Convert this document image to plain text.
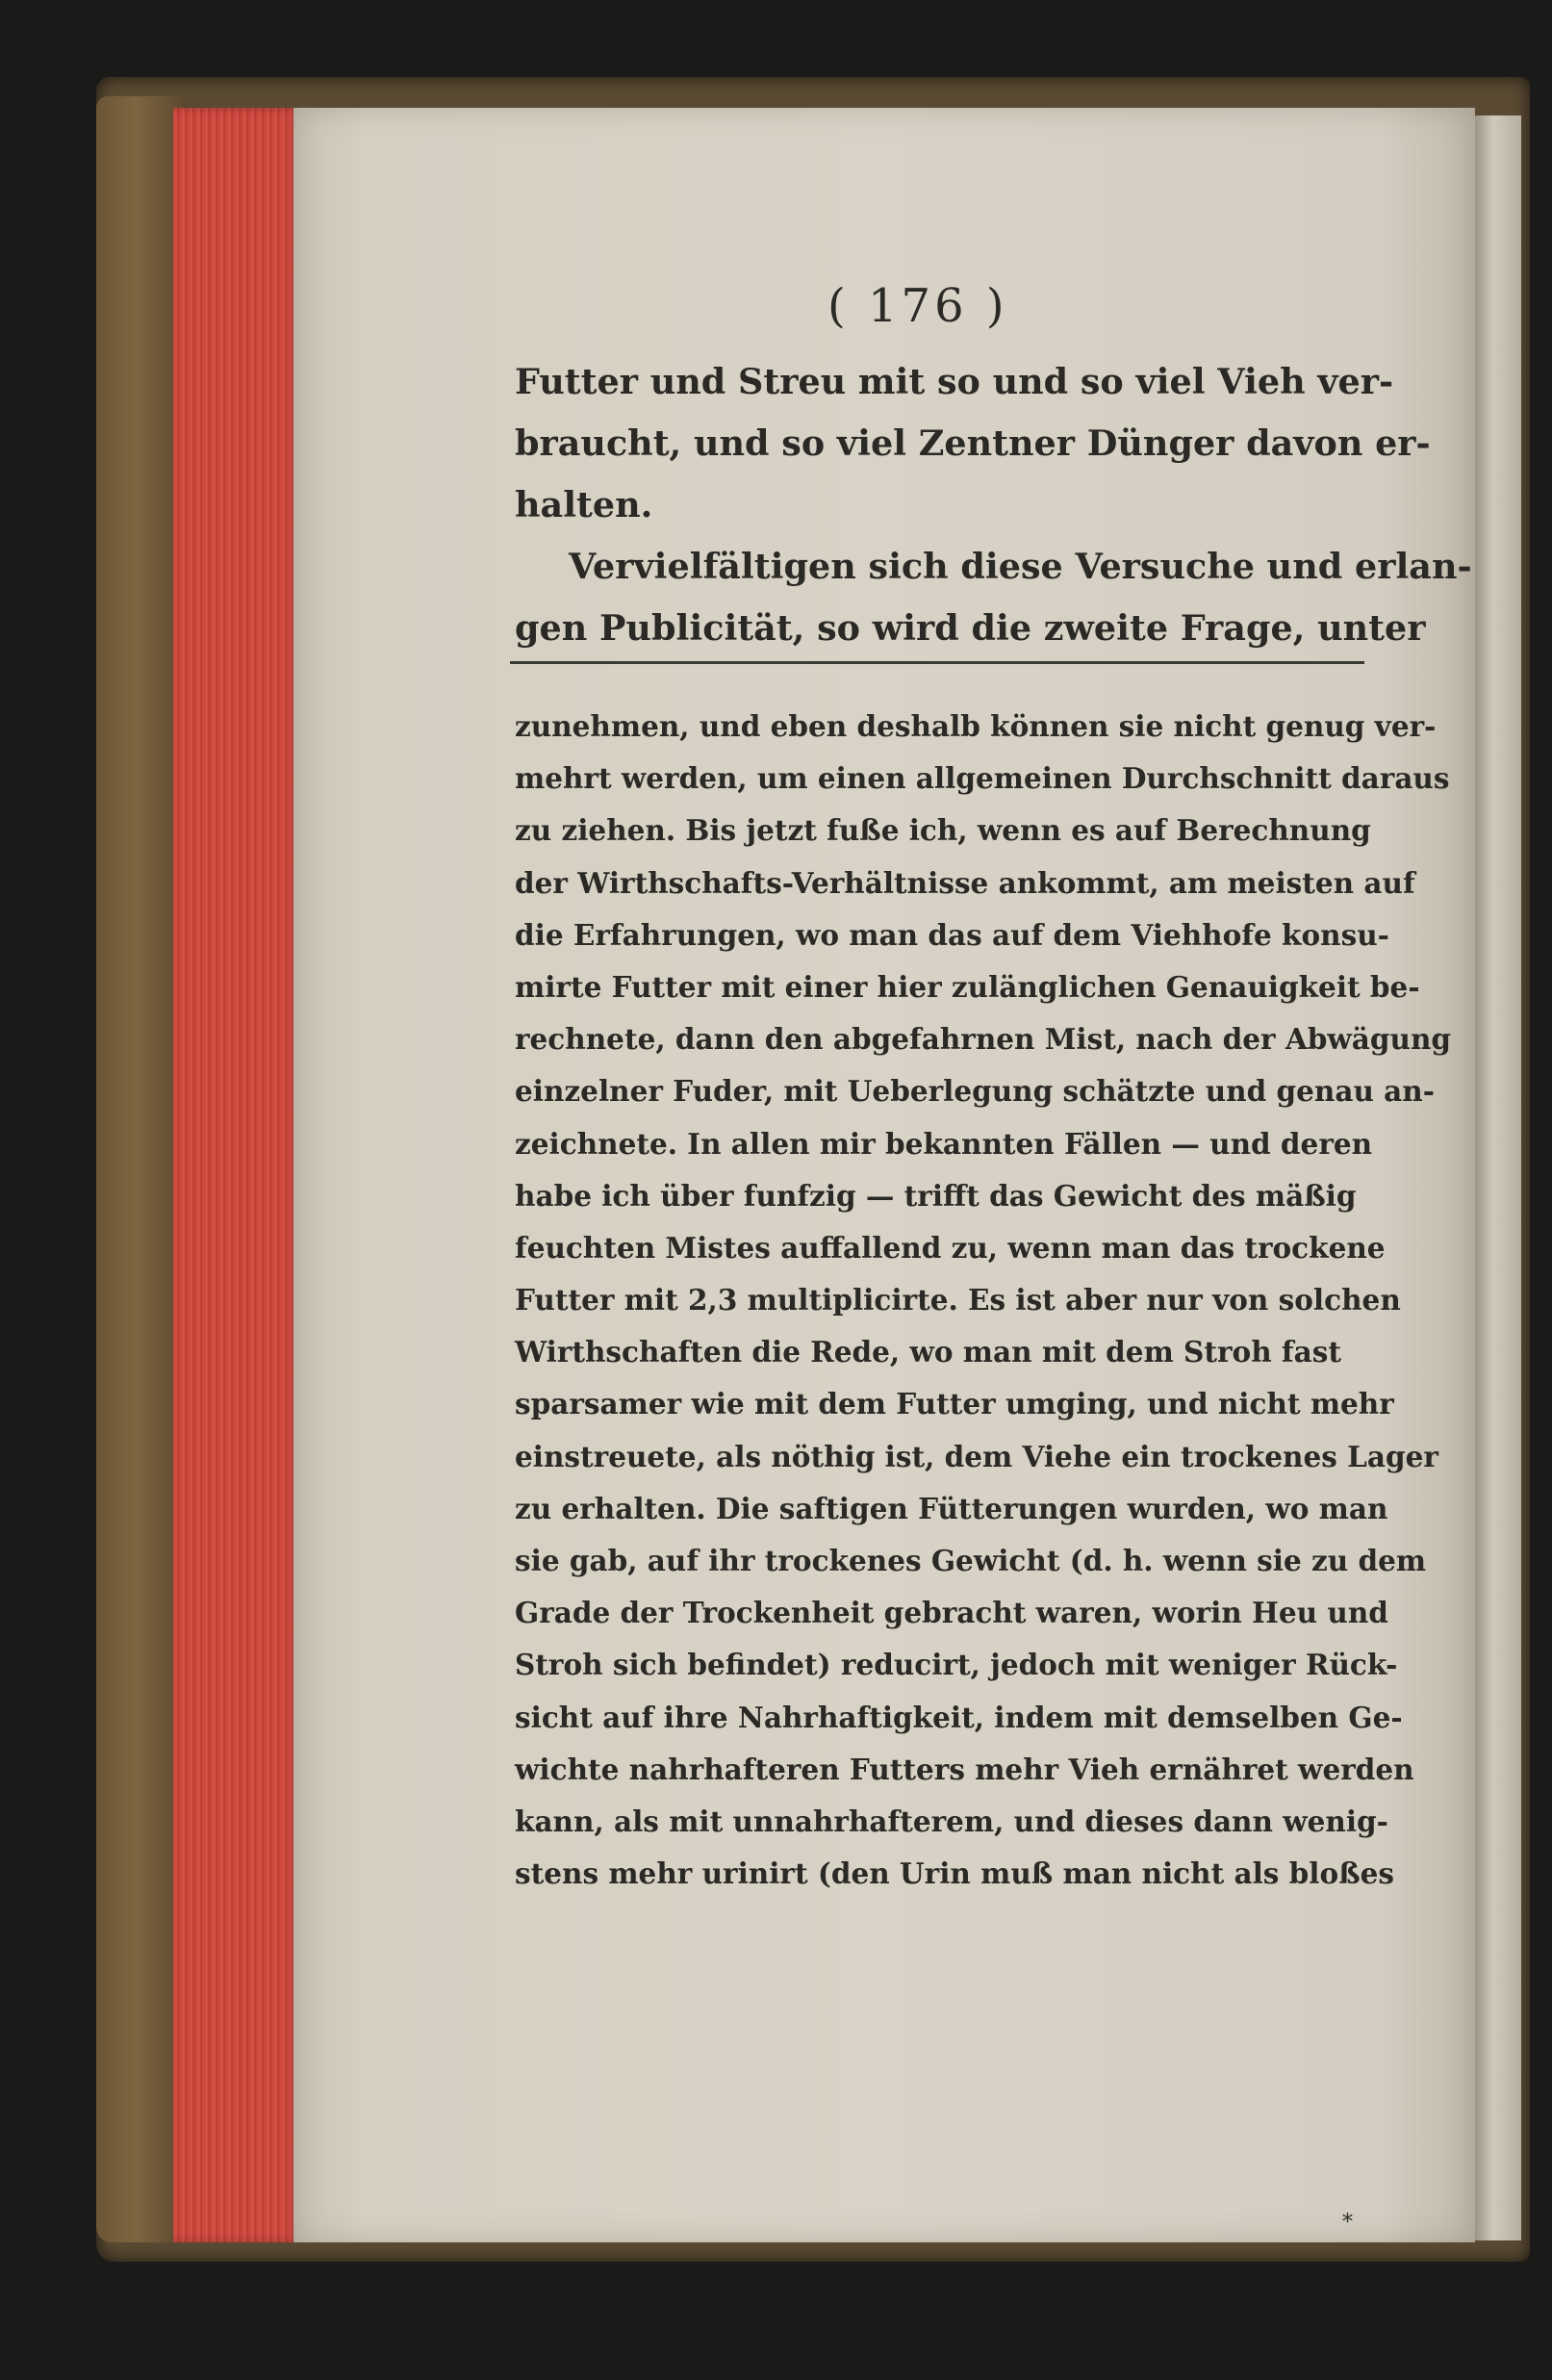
( 176 )
Futter und Streu mit so und so viel Vieh ver-
braucht, und so viel Zentner Dünger davon er-
halten.
Vervielfältigen sich diese Versuche und erlan-
gen Publicität, so wird die zweite Frage, unter
zunehmen, und eben deshalb können sie nicht genug ver-
mehrt werden, um einen allgemeinen Durchschnitt daraus
zu ziehen. Bis jetzt fuße ich, wenn es auf Berechnung
der Wirthschafts-Verhältnisse ankommt, am meisten auf
die Erfahrungen, wo man das auf dem Viehhofe konsu-
mirte Futter mit einer hier zulänglichen Genauigkeit be-
rechnete, dann den abgefahrnen Mist, nach der Abwägung
einzelner Fuder, mit Ueberlegung schätzte und genau an-
zeichnete. In allen mir bekannten Fällen — und deren
habe ich über funfzig — trifft das Gewicht des mäßig
feuchten Mistes auffallend zu, wenn man das trockene
Futter mit 2,3 multiplicirte. Es ist aber nur von solchen
Wirthschaften die Rede, wo man mit dem Stroh fast
sparsamer wie mit dem Futter umging, und nicht mehr
einstreuete, als nöthig ist, dem Viehe ein trockenes Lager
zu erhalten. Die saftigen Fütterungen wurden, wo man
sie gab, auf ihr trockenes Gewicht (d. h. wenn sie zu dem
Grade der Trockenheit gebracht waren, worin Heu und
Stroh sich befindet) reducirt, jedoch mit weniger Rück-
sicht auf ihre Nahrhaftigkeit, indem mit demselben Ge-
wichte nahrhafteren Futters mehr Vieh ernähret werden
kann, als mit unnahrhafterem, und dieses dann wenig-
stens mehr urinirt (den Urin muß man nicht als bloßes
*
